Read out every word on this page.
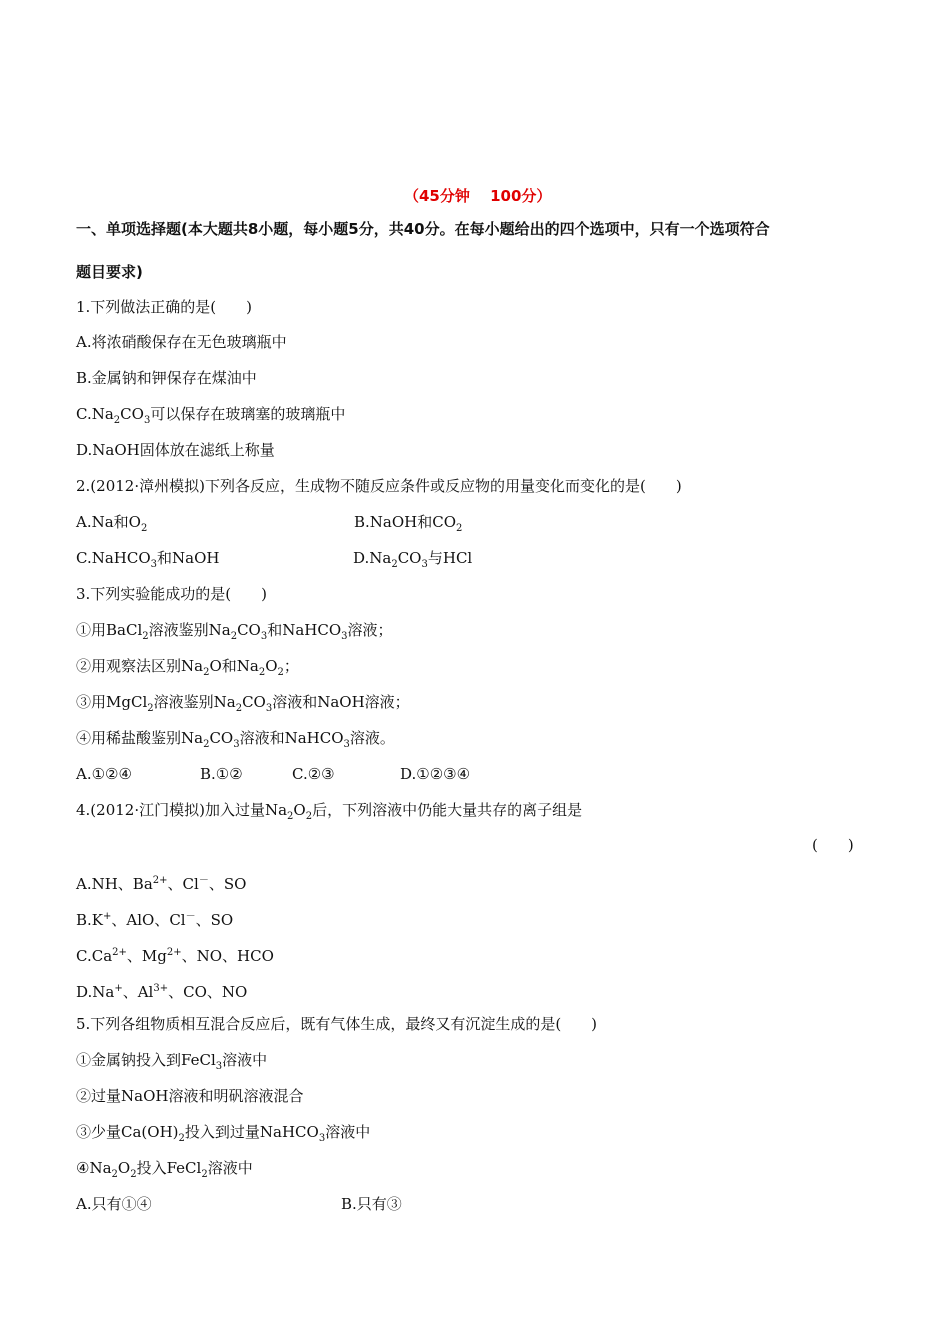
（45分钟　 100分）
一、单项选择题(本大题共8小题，每小题5分，共40分。在每小题给出的四个选项中，只有一个选项符合
题目要求)
1.下列做法正确的是(　　)
A.将浓硝酸保存在无色玻璃瓶中
B.金属钠和钾保存在煤油中
$C.Na_2CO_3$可以保存在玻璃塞的玻璃瓶中
D.NaOH固体放在滤纸上称量
2.(2012·漳州模拟)下列各反应，生成物不随反应条件或反应物的用量变化而变化的是(　　)
A.Na和$O_2$	B.NaOH和$CO_2$
C.NaHCO$_3$和NaOH	$D.Na_2CO_3$与HCl
3.下列实验能成功的是(　　)
①用BaCl$_2$溶液鉴别$Na_2CO_3$和NaHCO$_3$溶液；
②用观察法区别$Na_2O$和$Na_2O_2$；
③用MgCl$_2$溶液鉴别$Na_2CO_3$溶液和NaOH溶液；
④用稀盐酸鉴别$Na_2CO_3$溶液和NaHCO$_3$溶液。
A.①②④	B.①②	C.②③	D.①②③④
4.(2012·江门模拟)加入过量$Na_2O_2$后，下列溶液中仍能大量共存的离子组是
(　　)
A.NH、$Ba^{2+}$、Cl－、SO
B.K+、AlO、Cl－、SO
$C.Ca^{2+}$、$Mg^{2+}$、NO、HCO
D.Na+、$Al^{3+}$、CO、NO
5.下列各组物质相互混合反应后，既有气体生成，最终又有沉淀生成的是(　　)
①金属钠投入到FeCl$_3$溶液中
②过量NaOH溶液和明矾溶液混合
③少量$Ca(OH)_2$投入到过量NaHCO$_3$溶液中
$④Na_2O_2$投入FeCl$_2$溶液中
A.只有①④	B.只有③
